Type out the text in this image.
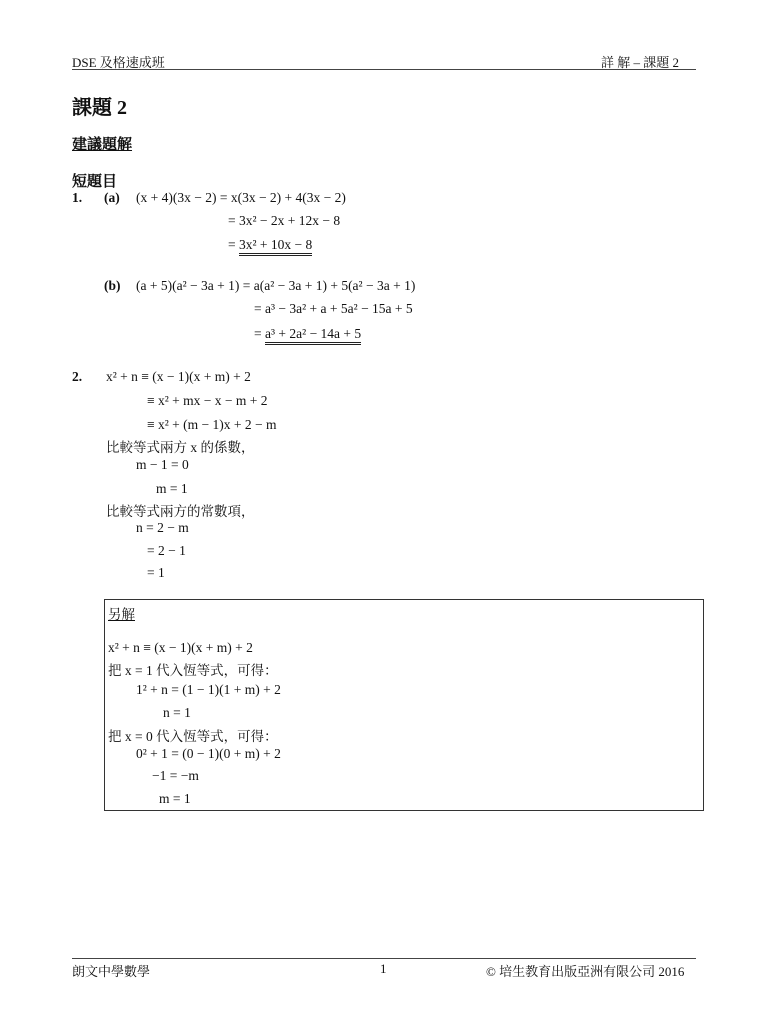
DSE 及格速成班	詳 解 – 課題 2
課題 2
建議題解
短題目
1. (a) (x + 4)(3x − 2) = x(3x − 2) + 4(3x − 2)
= 3x² − 2x + 12x − 8
= 3x² + 10x − 8
(b) (a + 5)(a² − 3a + 1) = a(a² − 3a + 1) + 5(a² − 3a + 1)
= a³ − 3a² + a + 5a² − 15a + 5
= a³ + 2a² − 14a + 5
2. x² + n ≡ (x − 1)(x + m) + 2
≡ x² + mx − x − m + 2
≡ x² + (m − 1)x + 2 − m
比較等式兩方 x 的係數，
m − 1 = 0
m = 1
比較等式兩方的常數項，
n = 2 − m
= 2 − 1
= 1
另解
x² + n ≡ (x − 1)(x + m) + 2
把 x = 1 代入恆等式，可得：
1² + n = (1 − 1)(1 + m) + 2
n = 1
把 x = 0 代入恆等式，可得：
0² + 1 = (0 − 1)(0 + m) + 2
−1 = −m
m = 1
朗文中學數學	1	© 培生教育出版亞洲有限公司 2016
